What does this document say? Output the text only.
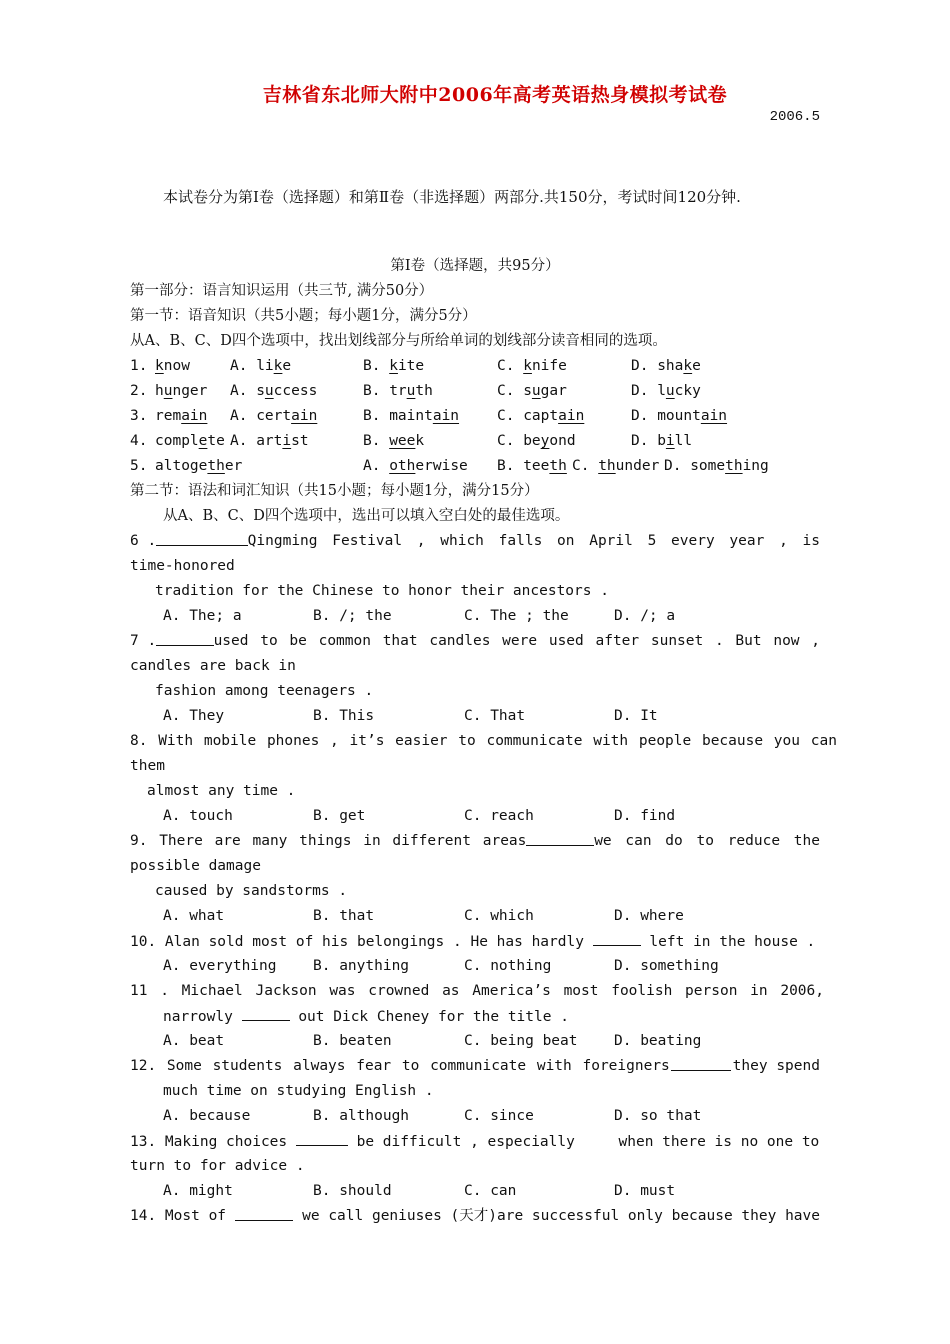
吉林省东北师大附中2006年高考英语热身模拟考试卷
2006.5
本试卷分为第Ⅰ卷（选择题）和第Ⅱ卷（非选择题）两部分.共150分，考试时间120分钟.
第Ⅰ卷（选择题，共95分）
第一部分：语言知识运用（共三节, 满分50分）
第一节：语音知识（共5小题；每小题1分，满分5分）
从A、B、C、D四个选项中，找出划线部分与所给单词的划线部分读音相同的选项。
1. know	A. like	B. kite	C. knife	D. shake
2. hunger A. success	B. truth	C. sugar	D. lucky
3. remain A. certain	B. maintain	C. captain	D. mountain
4. complete A. artist	B. week	C. beyond	D. bill
5. altogether	A. otherwise B. teeth C. thunder D. something
第二节：语法和词汇知识（共15小题；每小题1分，满分15分）
从A、B、C、D四个选项中，选出可以填入空白处的最佳选项。
6 .	Qingming Festival , which falls on April 5 every year , is
time-honored
tradition for the Chinese to honor their ancestors .
A. The; a	B. /; the	C. The ; the	D. /; a
7 .	used to be common that candles were used after sunset . But now ,
candles are back in
fashion among teenagers .
A. They	B. This	C. That	D. It
8. With mobile phones , it’s easier to communicate with people because you can
them
almost any time .
A. touch	B. get	C. reach	D. find
9. There are many things in different areas	we can do to reduce the
possible damage
caused by sandstorms .
A. what	B. that	C. which	D. where
10. Alan sold most of his belongings . He has hardly	left in the house .
A. everything	B. anything	C. nothing	D. something
11 . Michael Jackson was crowned as America’s most foolish person in 2006,
narrowly	out Dick Cheney for the title .
A. beat	B. beaten	C. being beat	D. beating
12. Some students always fear to communicate with foreigners	they spend
much time on studying English .
A. because	B. although	C. since	D. so that
13. Making choices	be difficult , especially     when there is no one to
turn to for advice .
A. might	B. should	C. can	D. must
14. Most of	we call geniuses (天才)are successful only because they have
